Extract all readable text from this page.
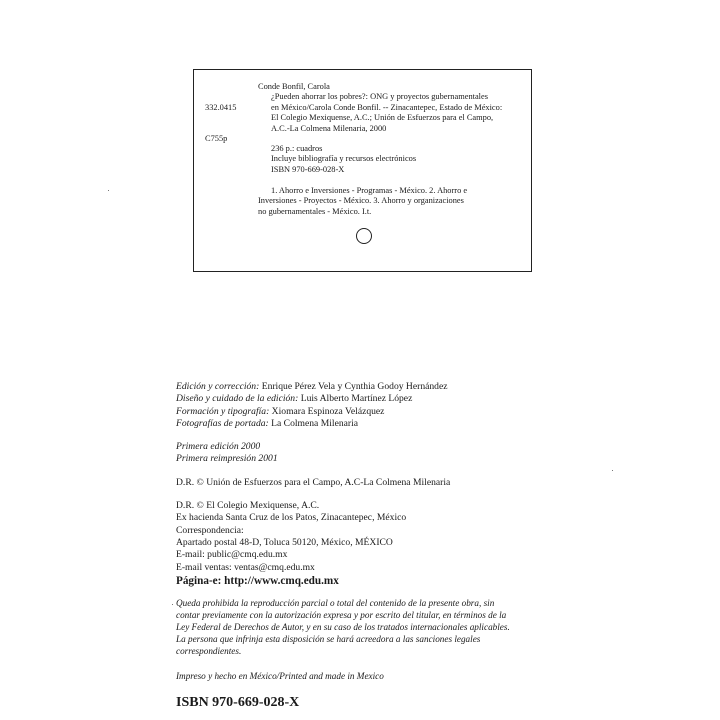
332.0415

C755p

Conde Bonfil, Carola
¿Pueden ahorrar los pobres?: ONG y proyectos gubernamentales
en México/Carola Conde Bonfil. -- Zinacantepec, Estado de México:
El Colegio Mexiquense, A.C.; Unión de Esfuerzos para el Campo,
A.C.-La Colmena Milenaria, 2000
236 p.: cuadros
Incluye bibliografía y recursos electrónicos
ISBN 970-669-028-X
1. Ahorro e Inversiones - Programas - México. 2. Ahorro e
Inversiones - Proyectos - México. 3. Ahorro y organizaciones
no gubernamentales - México. I.t.
Edición y corrección: Enrique Pérez Vela y Cynthia Godoy Hernández
Diseño y cuidado de la edición: Luis Alberto Martínez López
Formación y tipografía: Xiomara Espinoza Velázquez
Fotografías de portada: La Colmena Milenaria
Primera edición 2000
Primera reimpresión 2001
D.R. © Unión de Esfuerzos para el Campo, A.C-La Colmena Milenaria
D.R. © El Colegio Mexiquense, A.C.
Ex hacienda Santa Cruz de los Patos, Zinacantepec, México
Correspondencia:
Apartado postal 48-D, Toluca 50120, México, MÉXICO
E-mail: public@cmq.edu.mx
E-mail ventas: ventas@cmq.edu.mx
Página-e: http://www.cmq.edu.mx
Queda prohibida la reproducción parcial o total del contenido de la presente obra, sin contar previamente con la autorización expresa y por escrito del titular, en términos de la Ley Federal de Derechos de Autor, y en su caso de los tratados internacionales aplicables. La persona que infrinja esta disposición se hará acreedora a las sanciones legales correspondientes.
Impreso y hecho en México/Printed and made in Mexico
ISBN 970-669-028-X
